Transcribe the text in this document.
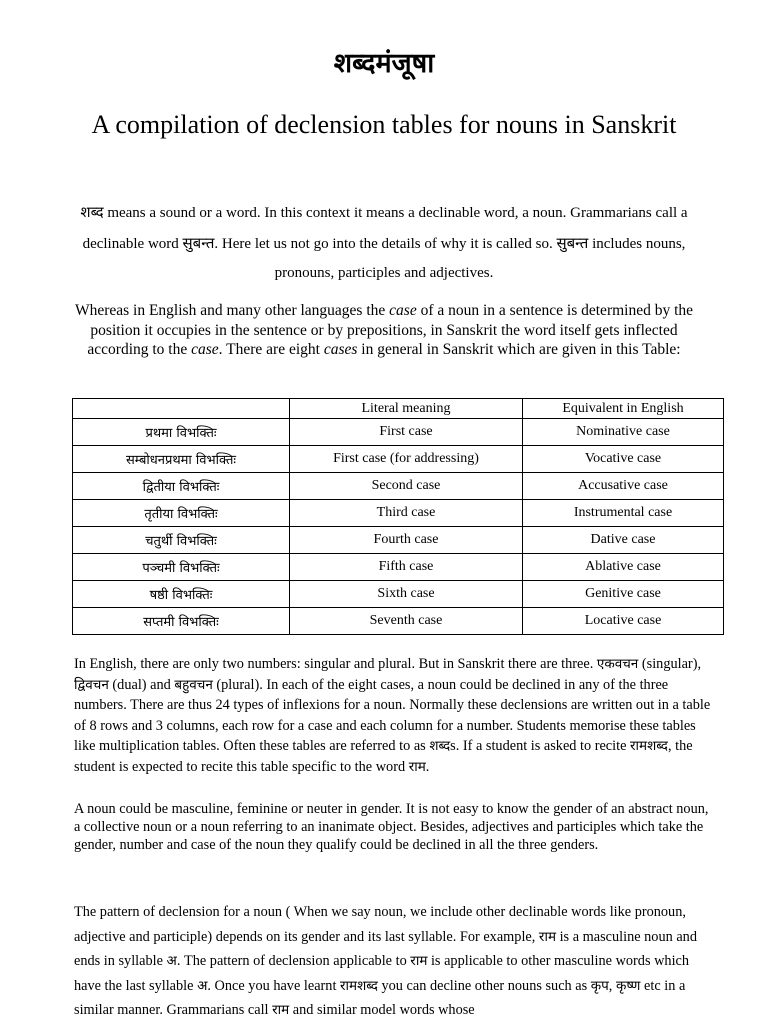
शब्दमंजूषा
A compilation of declension tables for nouns in Sanskrit

शब्द means a sound or a word. In this context it means a declinable word, a noun. Grammarians call a declinable word सुबन्त. Here let us not go into the details of why it is called so. सुबन्त includes nouns, pronouns, participles and adjectives.

Whereas in English and many other languages the case of a noun in a sentence is determined by the position it occupies in the sentence or by prepositions, in Sanskrit the word itself gets inflected according to the case. There are eight cases in general in Sanskrit which are given in this Table:

	Literal meaning	Equivalent in English
प्रथमा विभक्तिः	First case	Nominative case
सम्बोधनप्रथमा विभक्तिः	First case (for addressing)	Vocative case
द्वितीया विभक्तिः	Second case	Accusative case
तृतीया विभक्तिः	Third case	Instrumental case
चतुर्थी विभक्तिः	Fourth case	Dative case
पञ्चमी विभक्तिः	Fifth case	Ablative case
षष्ठी विभक्तिः	Sixth case	Genitive case
सप्तमी विभक्तिः	Seventh case	Locative case

In English, there are only two numbers: singular and plural. But in Sanskrit there are three. एकवचन (singular), द्विवचन (dual) and बहुवचन (plural). In each of the eight cases, a noun could be declined in any of the three numbers. There are thus 24 types of inflexions for a noun. Normally these declensions are written out in a table of 8 rows and 3 columns, each row for a case and each column for a number. Students memorise these tables like multiplication tables. Often these tables are referred to as शब्दs. If a student is asked to recite रामशब्द, the student is expected to recite this table specific to the word राम.

A noun could be masculine, feminine or neuter in gender. It is not easy to know the gender of an abstract noun, a collective noun or a noun referring to an inanimate object. Besides, adjectives and participles which take the gender, number and case of the noun they qualify could be declined in all the three genders.

The pattern of declension for a noun ( When we say noun, we include other declinable words like pronoun, adjective and participle) depends on its gender and its last syllable. For example, राम is a masculine noun and ends in syllable अ. The pattern of declension applicable to राम is applicable to other masculine words which have the last syllable अ. Once you have learnt रामशब्द you can decline other nouns such as कृप, कृष्ण etc in a similar manner. Grammarians call राम and similar model words whose
